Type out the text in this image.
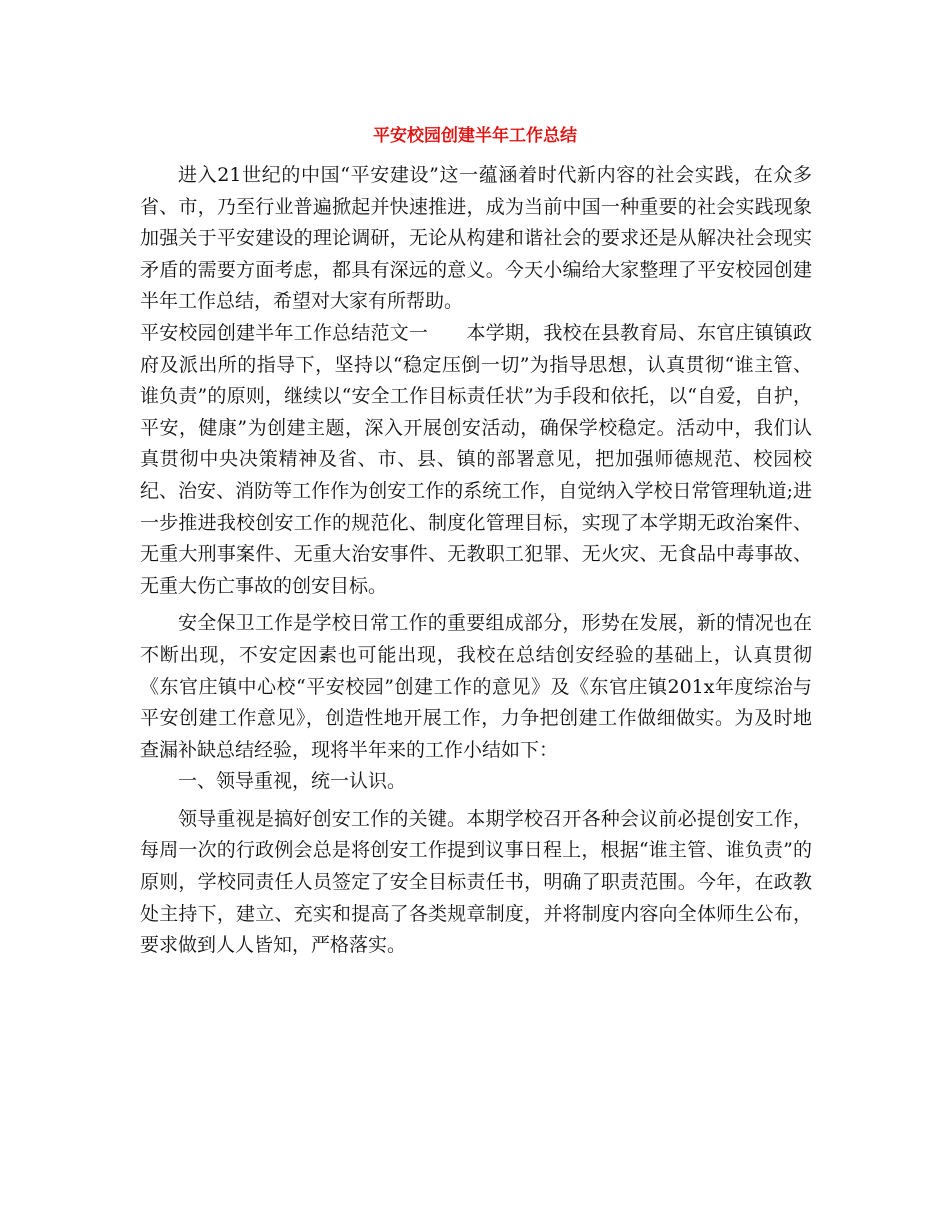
平安校园创建半年工作总结

进入21世纪的中国“平安建设”这一蕴涵着时代新内容的社会实践，在众多省、市，乃至行业普遍掀起并快速推进，成为当前中国一种重要的社会实践现象加强关于平安建设的理论调研，无论从构建和谐社会的要求还是从解决社会现实矛盾的需要方面考虑，都具有深远的意义。今天小编给大家整理了平安校园创建半年工作总结，希望对大家有所帮助。

平安校园创建半年工作总结范文一　　本学期，我校在县教育局、东官庄镇镇政府及派出所的指导下，坚持以“稳定压倒一切”为指导思想，认真贯彻“谁主管、谁负责”的原则，继续以“安全工作目标责任状”为手段和依托，以“自爱，自护，平安，健康”为创建主题，深入开展创安活动，确保学校稳定。活动中，我们认真贯彻中央决策精神及省、市、县、镇的部署意见，把加强师德规范、校园校纪、治安、消防等工作作为创安工作的系统工作，自觉纳入学校日常管理轨道;进一步推进我校创安工作的规范化、制度化管理目标，实现了本学期无政治案件、无重大刑事案件、无重大治安事件、无教职工犯罪、无火灾、无食品中毒事故、无重大伤亡事故的创安目标。

安全保卫工作是学校日常工作的重要组成部分，形势在发展，新的情况也在不断出现，不安定因素也可能出现，我校在总结创安经验的基础上，认真贯彻《东官庄镇中心校“平安校园”创建工作的意见》及《东官庄镇201x年度综治与平安创建工作意见》，创造性地开展工作，力争把创建工作做细做实。为及时地查漏补缺总结经验，现将半年来的工作小结如下：

一、领导重视，统一认识。

领导重视是搞好创安工作的关键。本期学校召开各种会议前必提创安工作，每周一次的行政例会总是将创安工作提到议事日程上，根据“谁主管、谁负责”的原则，学校同责任人员签定了安全目标责任书，明确了职责范围。今年，在政教处主持下，建立、充实和提高了各类规章制度，并将制度内容向全体师生公布，要求做到人人皆知，严格落实。
